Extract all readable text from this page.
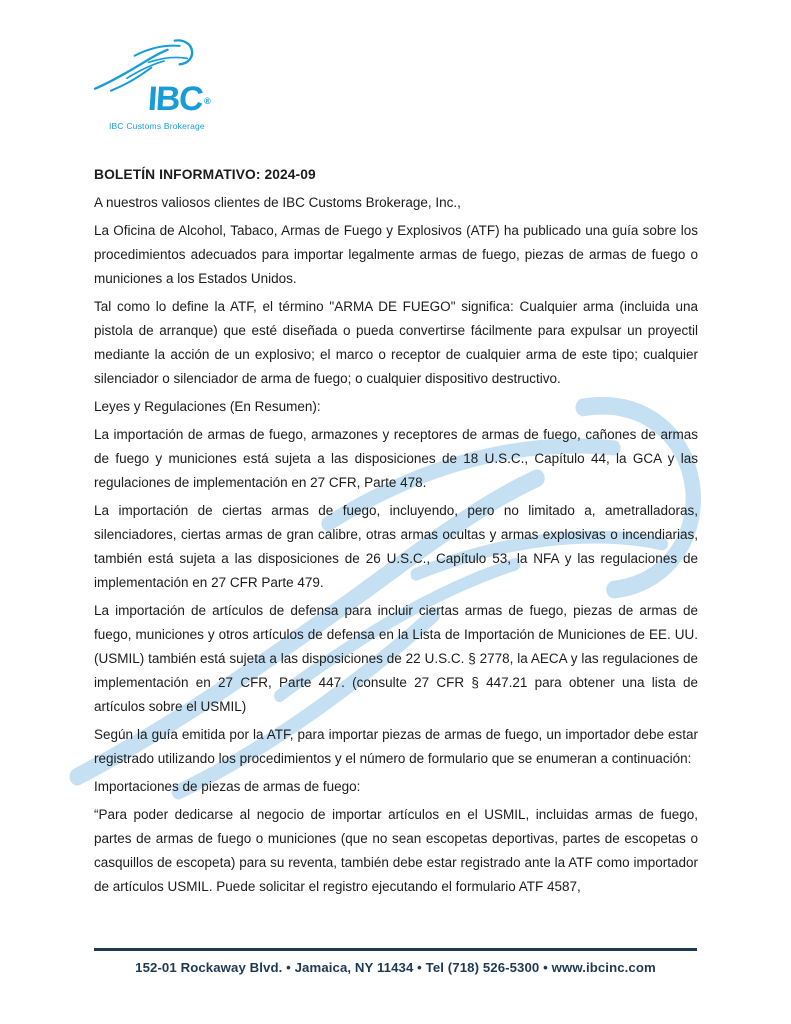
IBC®
IBC Customs Brokerage
BOLETÍN INFORMATIVO: 2024-09

A nuestros valiosos clientes de IBC Customs Brokerage, Inc.,

La Oficina de Alcohol, Tabaco, Armas de Fuego y Explosivos (ATF) ha publicado una guía sobre los procedimientos adecuados para importar legalmente armas de fuego, piezas de armas de fuego o municiones a los Estados Unidos.

Tal como lo define la ATF, el término "ARMA DE FUEGO" significa: Cualquier arma (incluida una pistola de arranque) que esté diseñada o pueda convertirse fácilmente para expulsar un proyectil mediante la acción de un explosivo; el marco o receptor de cualquier arma de este tipo; cualquier silenciador o silenciador de arma de fuego; o cualquier dispositivo destructivo.

Leyes y Regulaciones (En Resumen):

La importación de armas de fuego, armazones y receptores de armas de fuego, cañones de armas de fuego y municiones está sujeta a las disposiciones de 18 U.S.C., Capítulo 44, la GCA y las regulaciones de implementación en 27 CFR, Parte 478.

La importación de ciertas armas de fuego, incluyendo, pero no limitado a, ametralladoras, silenciadores, ciertas armas de gran calibre, otras armas ocultas y armas explosivas o incendiarias, también está sujeta a las disposiciones de 26 U.S.C., Capítulo 53, la NFA y las regulaciones de implementación en 27 CFR Parte 479.

La importación de artículos de defensa para incluir ciertas armas de fuego, piezas de armas de fuego, municiones y otros artículos de defensa en la Lista de Importación de Municiones de EE. UU. (USMIL) también está sujeta a las disposiciones de 22 U.S.C. § 2778, la AECA y las regulaciones de implementación en 27 CFR, Parte 447. (consulte 27 CFR § 447.21 para obtener una lista de artículos sobre el USMIL)

Según la guía emitida por la ATF, para importar piezas de armas de fuego, un importador debe estar registrado utilizando los procedimientos y el número de formulario que se enumeran a continuación:

Importaciones de piezas de armas de fuego:

“Para poder dedicarse al negocio de importar artículos en el USMIL, incluidas armas de fuego, partes de armas de fuego o municiones (que no sean escopetas deportivas, partes de escopetas o casquillos de escopeta) para su reventa, también debe estar registrado ante la ATF como importador de artículos USMIL. Puede solicitar el registro ejecutando el formulario ATF 4587,

152-01 Rockaway Blvd. • Jamaica, NY 11434 • Tel (718) 526-5300 • www.ibcinc.com
